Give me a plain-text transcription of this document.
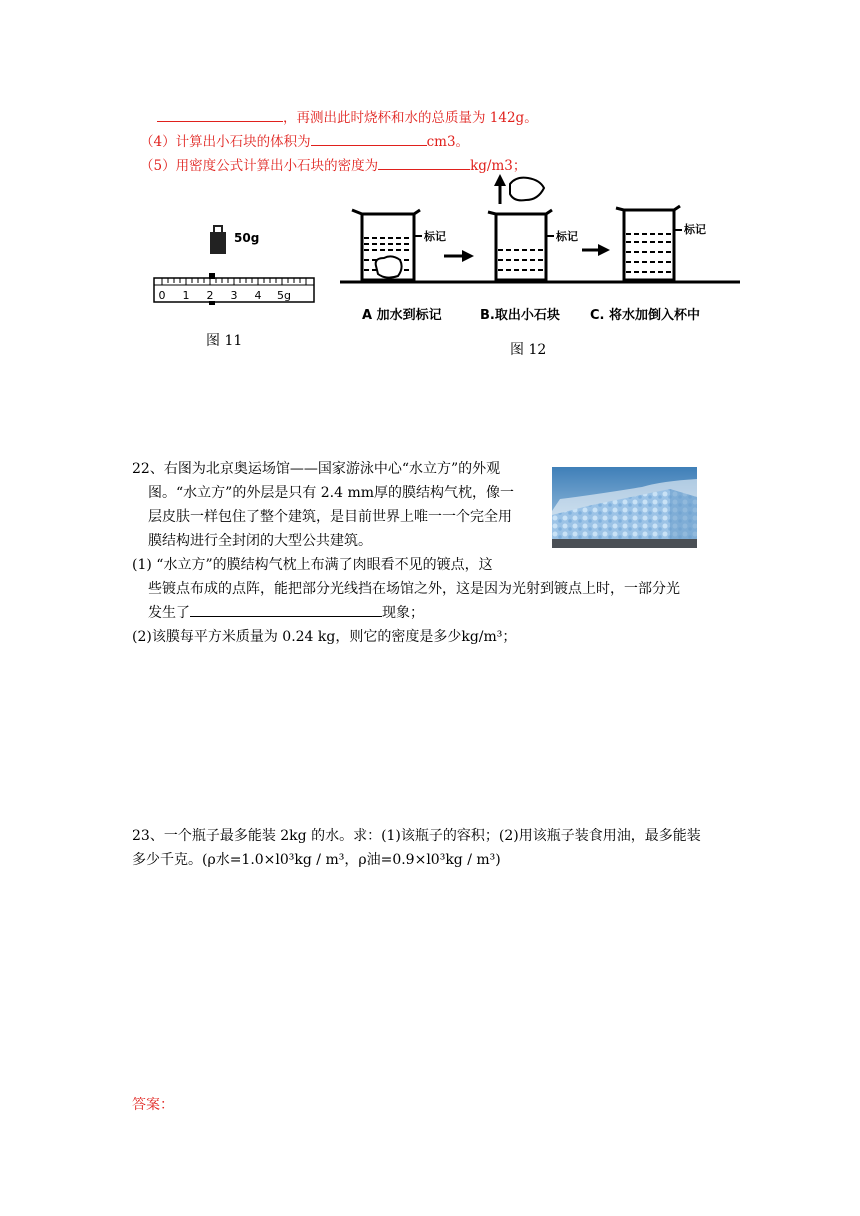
，再测出此时烧杯和水的总质量为 142g。
（4）计算出小石块的体积为	cm3。
（5）用密度公式计算出小石块的密度为	kg/m3；
50g
0 1 2 3 4 5g
图 11
标记	标记
标记
A 加水到标记	B.取出小石块 C. 将水加倒入杯中
图 12
22、右图为北京奥运场馆——国家游泳中心“水立方”的外观
图。“水立方”的外层是只有 2.4 mm厚的膜结构气枕，像一
层皮肤一样包住了整个建筑，是目前世界上唯一一个完全用
膜结构进行全封闭的大型公共建筑。
(1) “水立方”的膜结构气枕上布满了肉眼看不见的镀点，这
些镀点布成的点阵，能把部分光线挡在场馆之外，这是因为光射到镀点上时，一部分光
发生了	现象；
(2)该膜每平方米质量为 0.24 kg，则它的密度是多少kg/m³；
23、一个瓶子最多能装 2kg 的水。求：(1)该瓶子的容积；(2)用该瓶子装食用油，最多能装
多少千克。(ρ水=1.0×l0³kg / m³，ρ油=0.9×l0³kg / m³)
答案：
